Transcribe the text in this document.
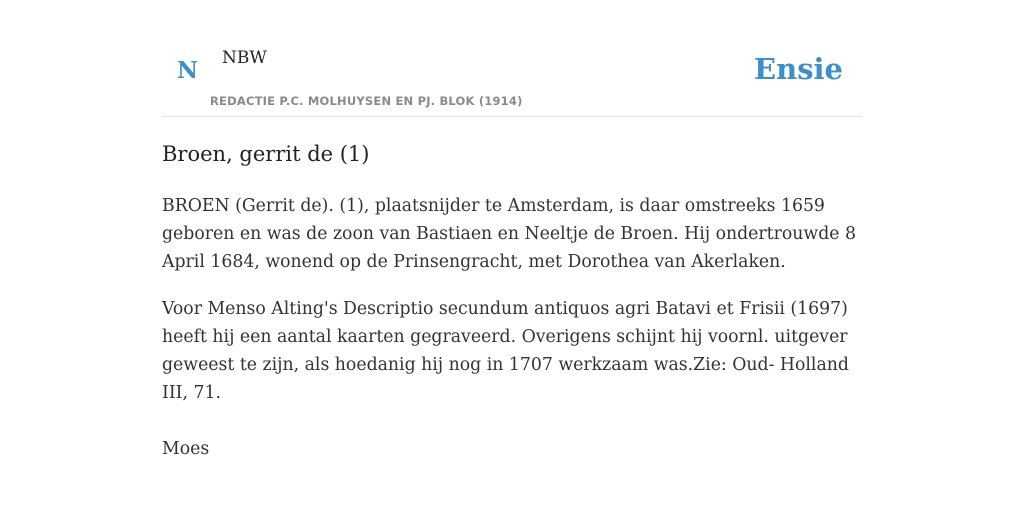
N NBW
REDACTIE P.C. MOLHUYSEN EN PJ. BLOK (1914)
Ensie
Broen, gerrit de (1)

BROEN (Gerrit de). (1), plaatsnijder te Amsterdam, is daar omstreeks 1659 geboren en was de zoon van Bastiaen en Neeltje de Broen. Hij ondertrouwde 8 April 1684, wonend op de Prinsengracht, met Dorothea van Akerlaken.

Voor Menso Alting's Descriptio secundum antiquos agri Batavi et Frisii (1697) heeft hij een aantal kaarten gegraveerd. Overigens schijnt hij voornl. uitgever geweest te zijn, als hoedanig hij nog in 1707 werkzaam was.Zie: Oud- Holland III, 71.

Moes
